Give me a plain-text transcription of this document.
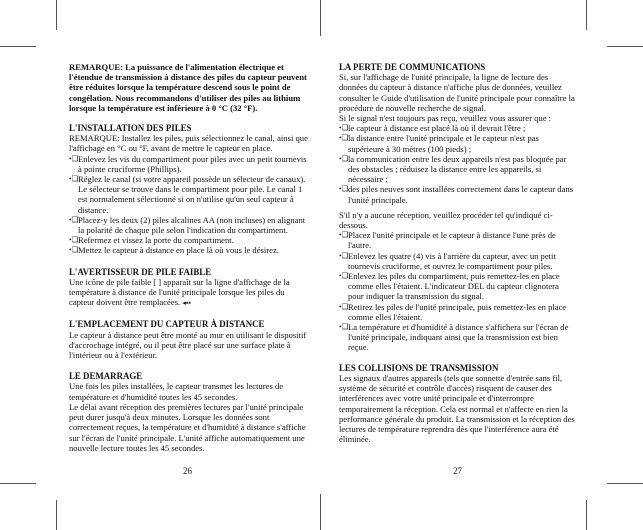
REMARQUE: La puissance de l'alimentation électrique et l'étendue de transmission à distance des piles du capteur peuvent être réduites lorsque la température descend sous le point de congélation. Nous recommandons d'utiliser des piles au lithium lorsque la température est inférieure à 0 °C (32 °F).

L'INSTALLATION DES PILES

REMARQUE: Installez les piles, puis sélectionnez le canal, ainsi que l'affichage en °C ou °F, avant de mettre le capteur en place.

•❑ Enlevez les vis du compartiment pour piles avec un petit tournevis à pointe cruciforme (Phillips).
•❑ Réglez le canal (si votre appareil possède un sélecteur de canaux). Le sélecteur se trouve dans le compartiment pour pile. Le canal 1 est normalement sélectionné si on n'utilise qu'un seul capteur à distance.
•❑ Placez-y les deux (2) piles alcalines AA (non incluses) en alignant la polarité de chaque pile selon l'indication du compartiment.
•❑ Refermez et vissez la porte du compartiment.
•❑ Mettez le capteur à distance en place là où vous le désirez.
L'AVERTISSEUR DE PILE FAIBLE

Une icône de pile faible [ ] apparaît sur la ligne d'affichage de la température à distance de l'unité principale lorsque les piles du capteur doivent être remplacées. ◂▪▪

L'EMPLACEMENT DU CAPTEUR À DISTANCE

Le capteur à distance peut être monté au mur en utilisant le dispositif d'accrochage intégré, ou il peut être placé sur une surface plate à l'intérieur ou à l'extérieur.

LE DEMARRAGE

Une fois les piles installées, le capteur transmet les lectures de température et d'humidité toutes les 45 secondes.

Le délai avant réception des premières lectures par l'unité principale peut durer jusqu'à deux minutes. Lorsque les données sont correctement reçues, la température et d'humidité à distance s'affiche sur l'écran de l'unité principale. L'unité affiche automatiquement une nouvelle lecture toutes les 45 secondes.

26
LA PERTE DE COMMUNICATIONS

Si, sur l'affichage de l'unité principale, la ligne de lecture des données du capteur à distance n'affiche plus de données, veuillez consulter le Guide d'utilisation de l'unité principale pour connaître la procédure de nouvelle recherche de signal.

Si le signal n'est toujours pas reçu, veuillez vous assurer que :

•❑ le capteur à distance est placé là où il devrait l'être ;
•❑ la distance entre l'unité principale et le capteur n'est pas supérieure à 30 mètres (100 pieds) ;
•❑ la communication entre les deux appareils n'est pas bloquée par des obstacles ; réduisez la distance entre les appareils, si nécessaire ;
•❑ des piles neuves sont installées correctement dans le capteur dans l'unité principale.

S'il n'y a aucune réception, veuillez procéder tel qu'indiqué ci-dessous.

•❑ Placez l'unité principale et le capteur à distance l'une près de l'autre.
•❑ Enlevez les quatre (4) vis à l'arrière du capteur, avec un petit tournevis cruciforme, et ouvrez le compartiment pour piles.
•❑ Enlevez les piles du compartiment, puis remettez-les en place comme elles l'étaient. L'indicateur DEL du capteur clignotera pour indiquer la transmission du signal.
•❑ Retirez les piles de l'unité principale, puis remettez-les en place comme elles l'étaient.
•❑ La température et d'humidité à distance s'affichera sur l'écran de l'unité principale, indiquant ainsi que la transmission est bien reçue.
LES COLLISIONS DE TRANSMISSION

Les signaux d'autres appareils (tels que sonnette d'entrée sans fil, système de sécurité et contrôle d'accès) risquent de causer des interférences avec votre unité principale et d'interrompre temporairement la réception. Cela est normal et n'affecte en rien la performance générale du produit. La transmission et la réception des lectures de température reprendra dès que l'interférence aura été éliminée.

27
